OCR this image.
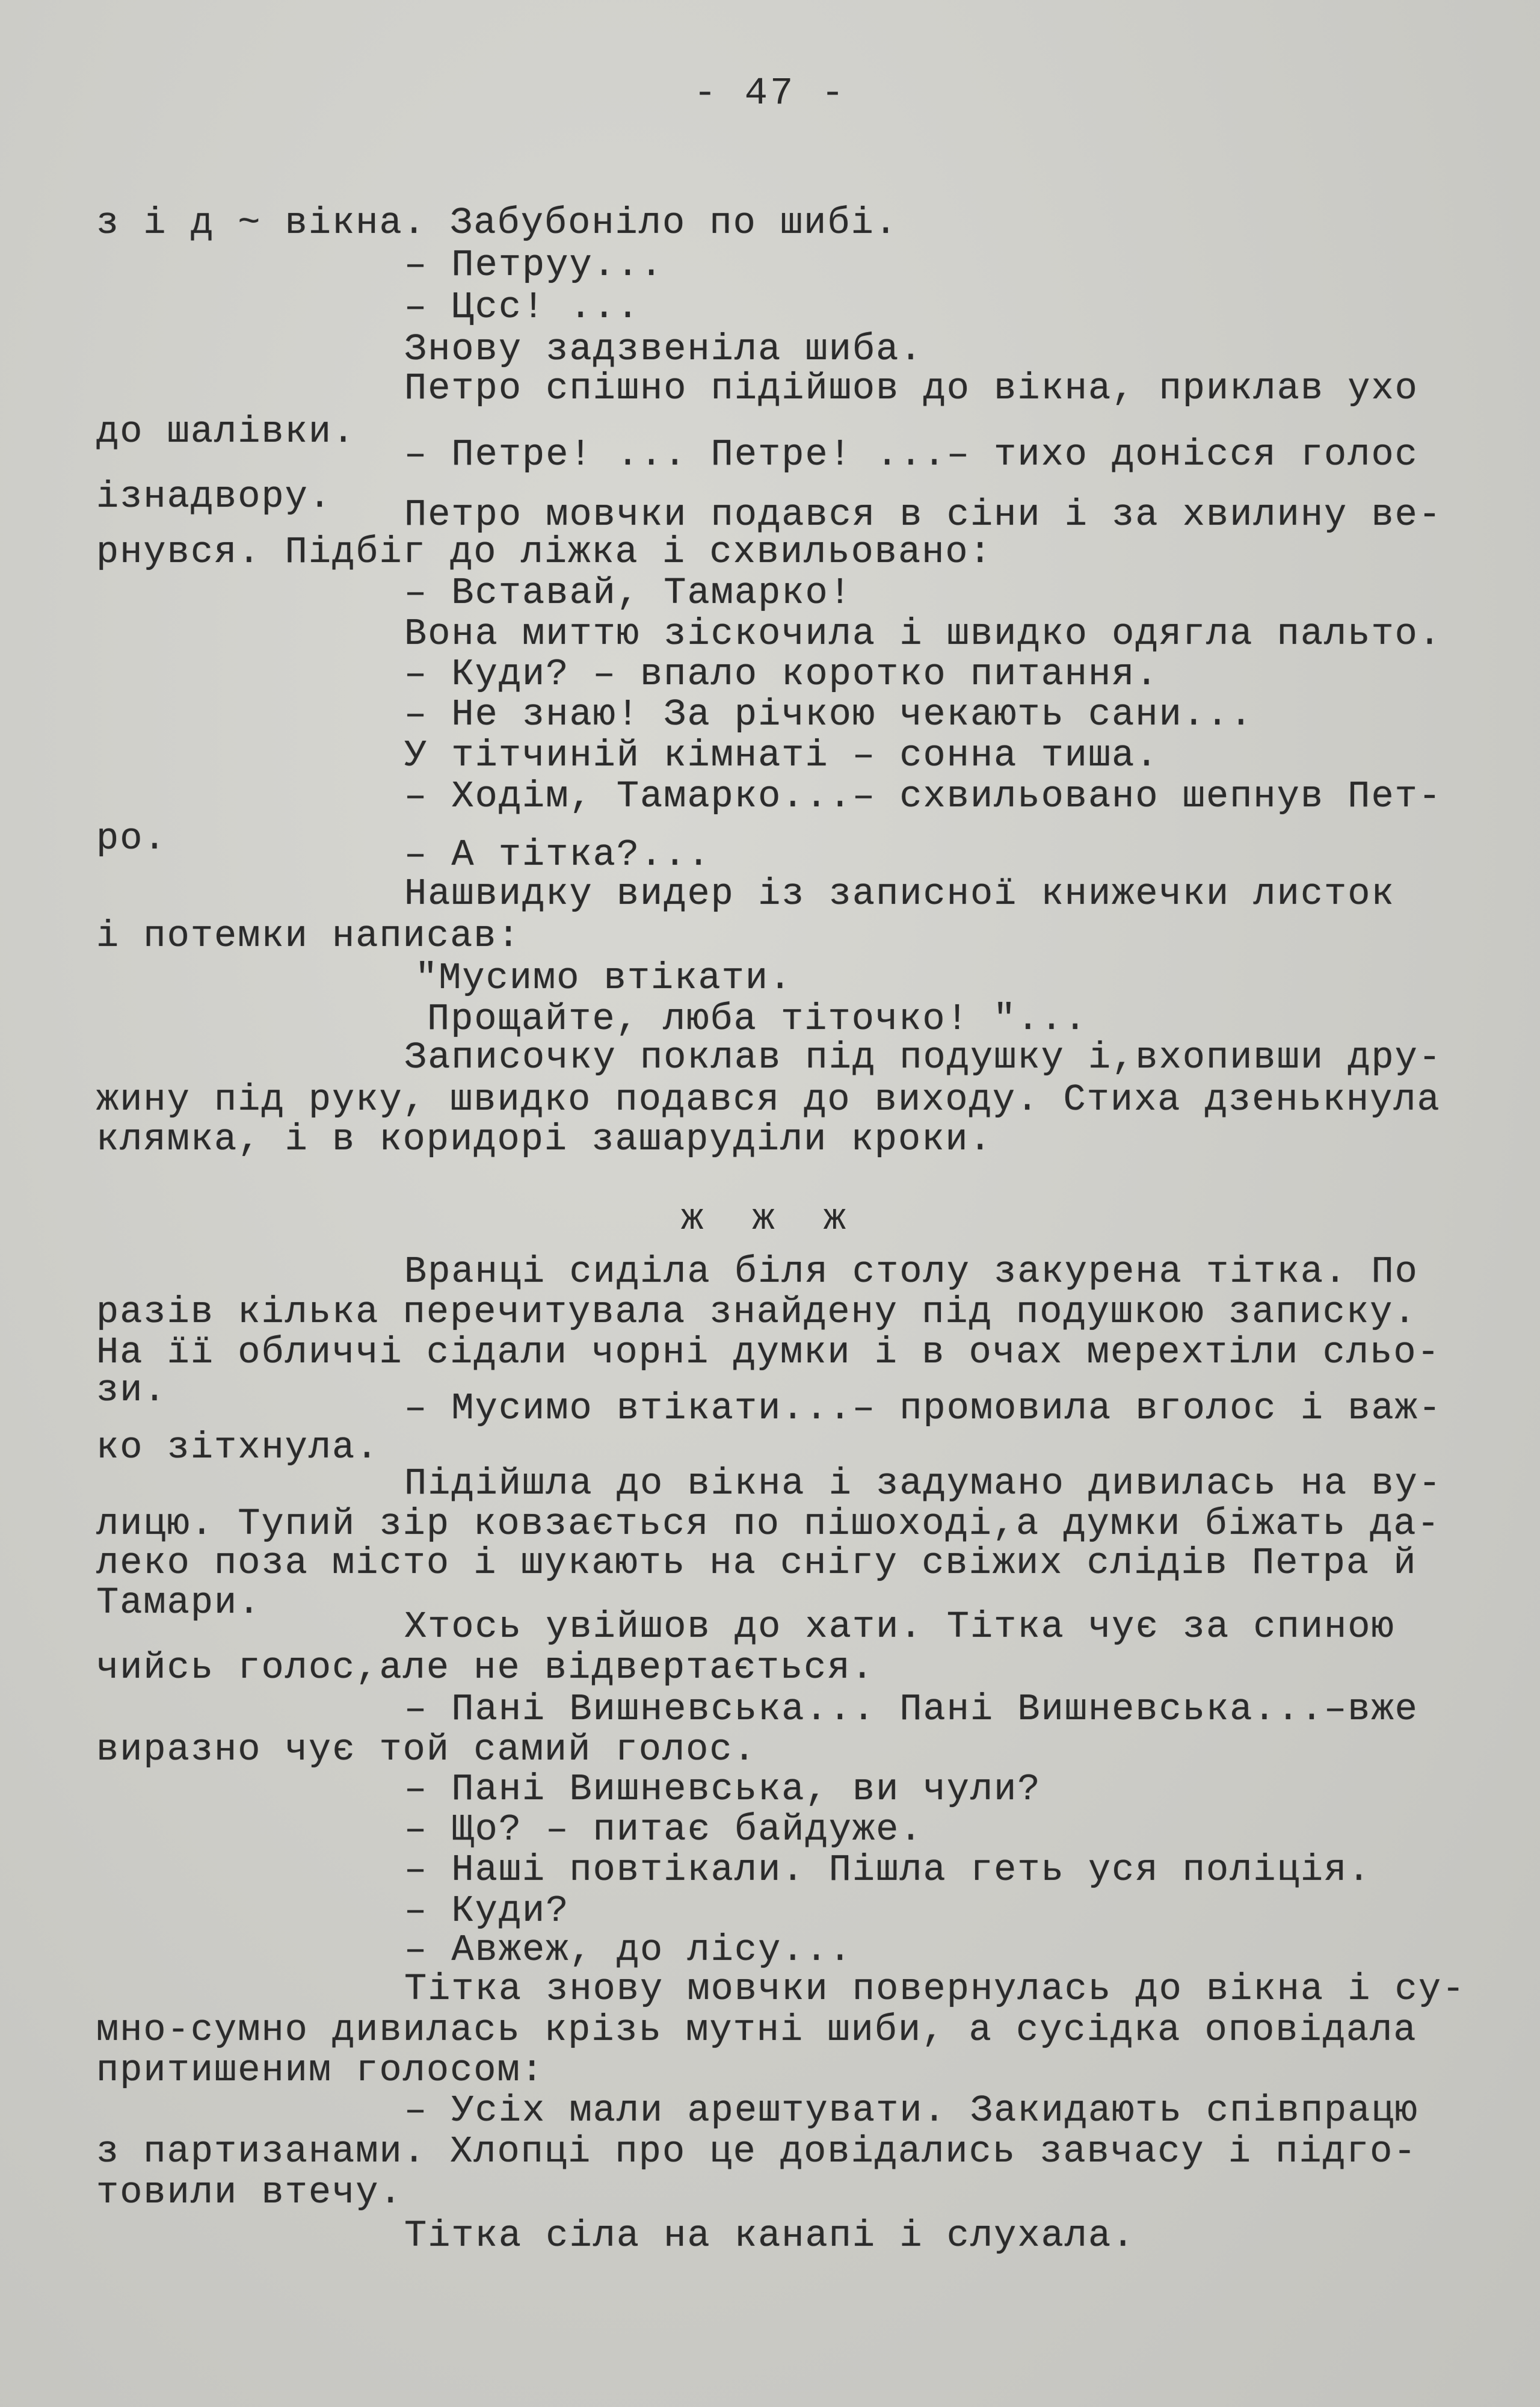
- 47 -
з і д ~ вікна. Забубоніло по шибі.
– Петруу...
– Цсс! ...
Знову задзвеніла шиба.
Петро спішно підійшов до вікна, приклав ухо
до шалівки.
– Петре! ... Петре! ...– тихо донісся голос
ізнадвору. Петро мовчки подався в сіни і за хвилину ве-
рнувся. Підбіг до ліжка і схвильовано:
– Вставай, Тамарко!
Вона миттю зіскочила і швидко одягла пальто.
– Куди? – впало коротко питання.
– Не знаю! За річкою чекають сани...
У тітчиній кімнаті – сонна тиша.
– Ходім, Тамарко...– схвильовано шепнув Пет-
ро.	– А тітка?...
Нашвидку видер із записної книжечки листок
і потемки написав:
"Мусимо втікати.
Прощайте, люба тіточко! "...
Записочку поклав під подушку і,вхопивши дру-
жину під руку, швидко подався до виходу. Стиха дзенькнула
клямка, і в коридорі зашаруділи кроки.
ж ж ж
Вранці сиділа біля столу закурена тітка. По
разів кілька перечитувала знайдену під подушкою записку.
На її обличчі сідали чорні думки і в очах мерехтіли сльо-
зи.	– Мусимо втікати...– промовила вголос і важ-
ко зітхнула.
Підійшла до вікна і задумано дивилась на ву-
лицю. Тупий зір ковзається по пішоході,а думки біжать да-
леко поза місто і шукають на снігу свіжих слідів Петра й
Тамари.
Хтось увійшов до хати. Тітка чує за спиною
чийсь голос,але не відвертається.
– Пані Вишневська... Пані Вишневська...–вже
виразно чує той самий голос.
– Пані Вишневська, ви чули?
– Що? – питає байдуже.
– Наші повтікали. Пішла геть уся поліція.
– Куди?
– Авжеж, до лісу...
Тітка знову мовчки повернулась до вікна і су-
мно-сумно дивилась крізь мутні шиби, а сусідка оповідала
притишеним голосом:
– Усіх мали арештувати. Закидають співпрацю
з партизанами. Хлопці про це довідались завчасу і підго-
товили втечу.
Тітка сіла на канапі і слухала.
